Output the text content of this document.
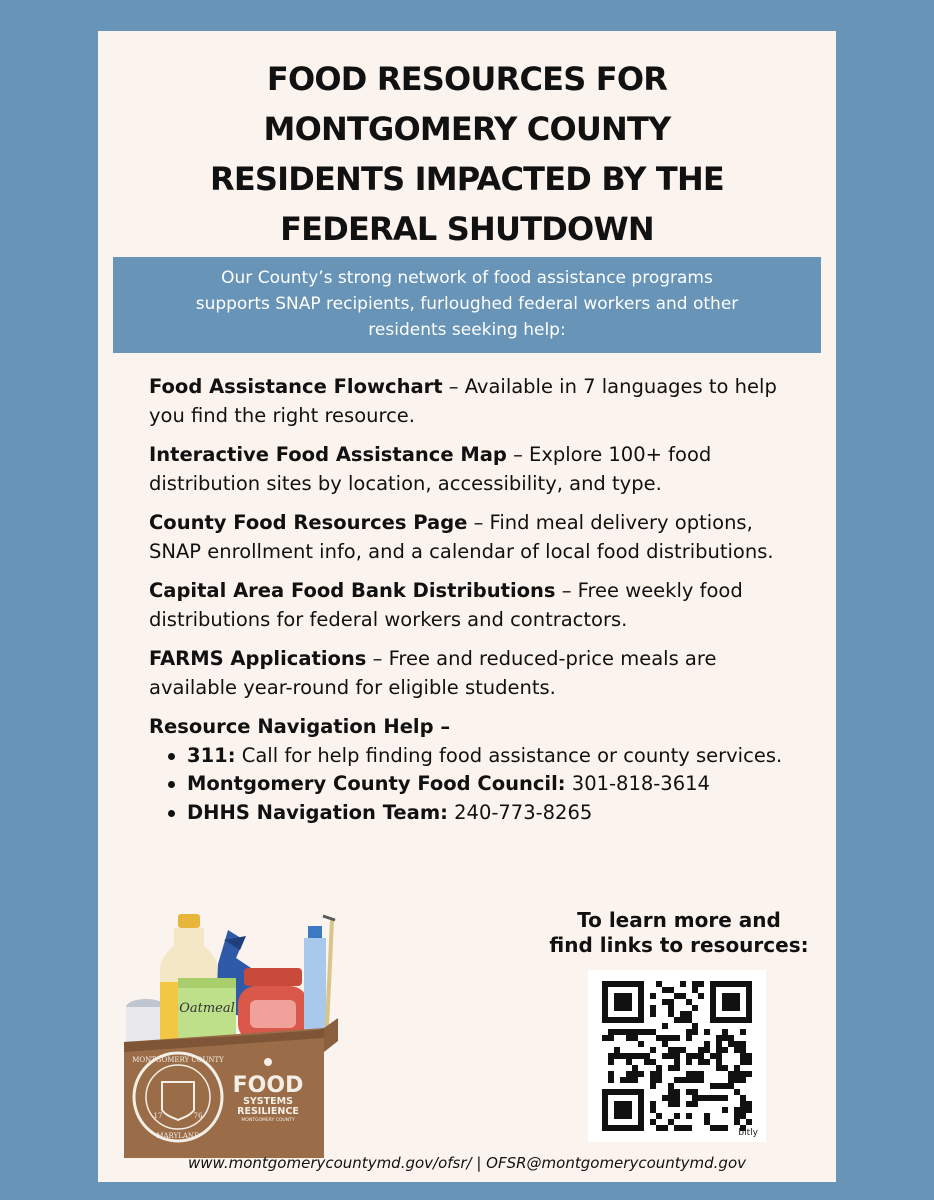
FOOD RESOURCES FOR
MONTGOMERY COUNTY
RESIDENTS IMPACTED BY THE
FEDERAL SHUTDOWN
Our County’s strong network of food assistance programs
supports SNAP recipients, furloughed federal workers and other
residents seeking help:
Food Assistance Flowchart – Available in 7 languages to help you find the right resource.
Interactive Food Assistance Map – Explore 100+ food distribution sites by location, accessibility, and type.
County Food Resources Page – Find meal delivery options, SNAP enrollment info, and a calendar of local food distributions.
Capital Area Food Bank Distributions – Free weekly food distributions for federal workers and contractors.
FARMS Applications – Free and reduced-price meals are available year-round for eligible students.
Resource Navigation Help –
311: Call for help finding food assistance or county services.
Montgomery County Food Council: 301-818-3614
DHHS Navigation Team: 240-773-8265
Oatmeal
MONTGOMERY COUNTY
MARYLAND
17	76
FOOD
SYSTEMS
RESILIENCE
MONTGOMERY COUNTY
To learn more and
find links to resources:
bitly
www.montgomerycountymd.gov/ofsr/ | OFSR@montgomerycountymd.gov
